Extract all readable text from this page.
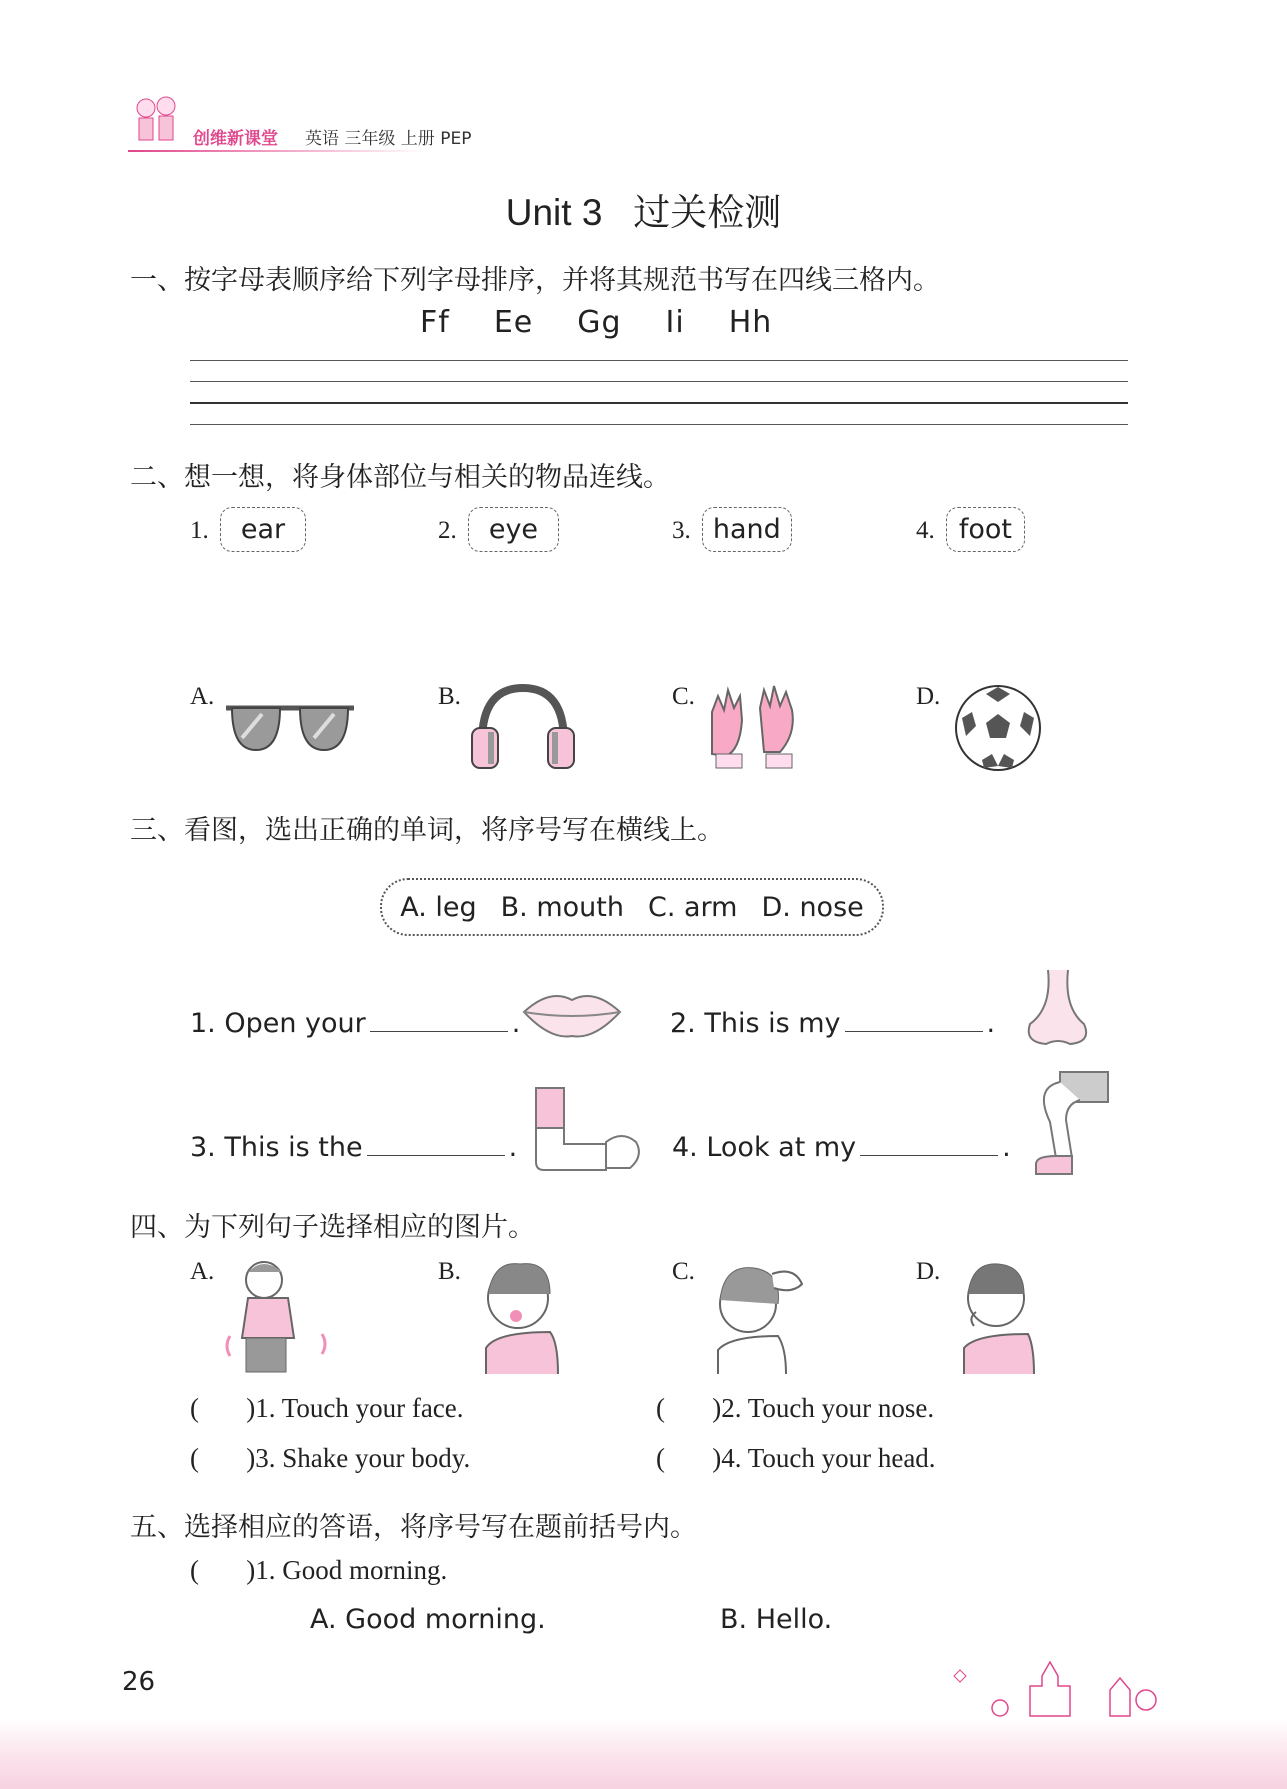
创维新课堂 英语 三年级 上册 PEP
Unit 3   过关检测
一、按字母表顺序给下列字母排序，并将其规范书写在四线三格内。
Ff Ee Gg Ii Hh
二、想一想，将身体部位与相关的物品连线。
1. ear	2. eye	3. hand	4. foot
A.	B.	C.	D.
三、看图，选出正确的单词，将序号写在横线上。
A. leg B. mouth C. arm D. nose
1. Open your	.	2. This is my	.
3. This is the	.	4. Look at my	.
四、为下列句子选择相应的图片。
A.	B.	C.	D.
(       )1. Touch your face.	(       )2. Touch your nose.
(       )3. Shake your body.	(       )4. Touch your head.
五、选择相应的答语，将序号写在题前括号内。
(       )1. Good morning.
A. Good morning.	B. Hello.
26
